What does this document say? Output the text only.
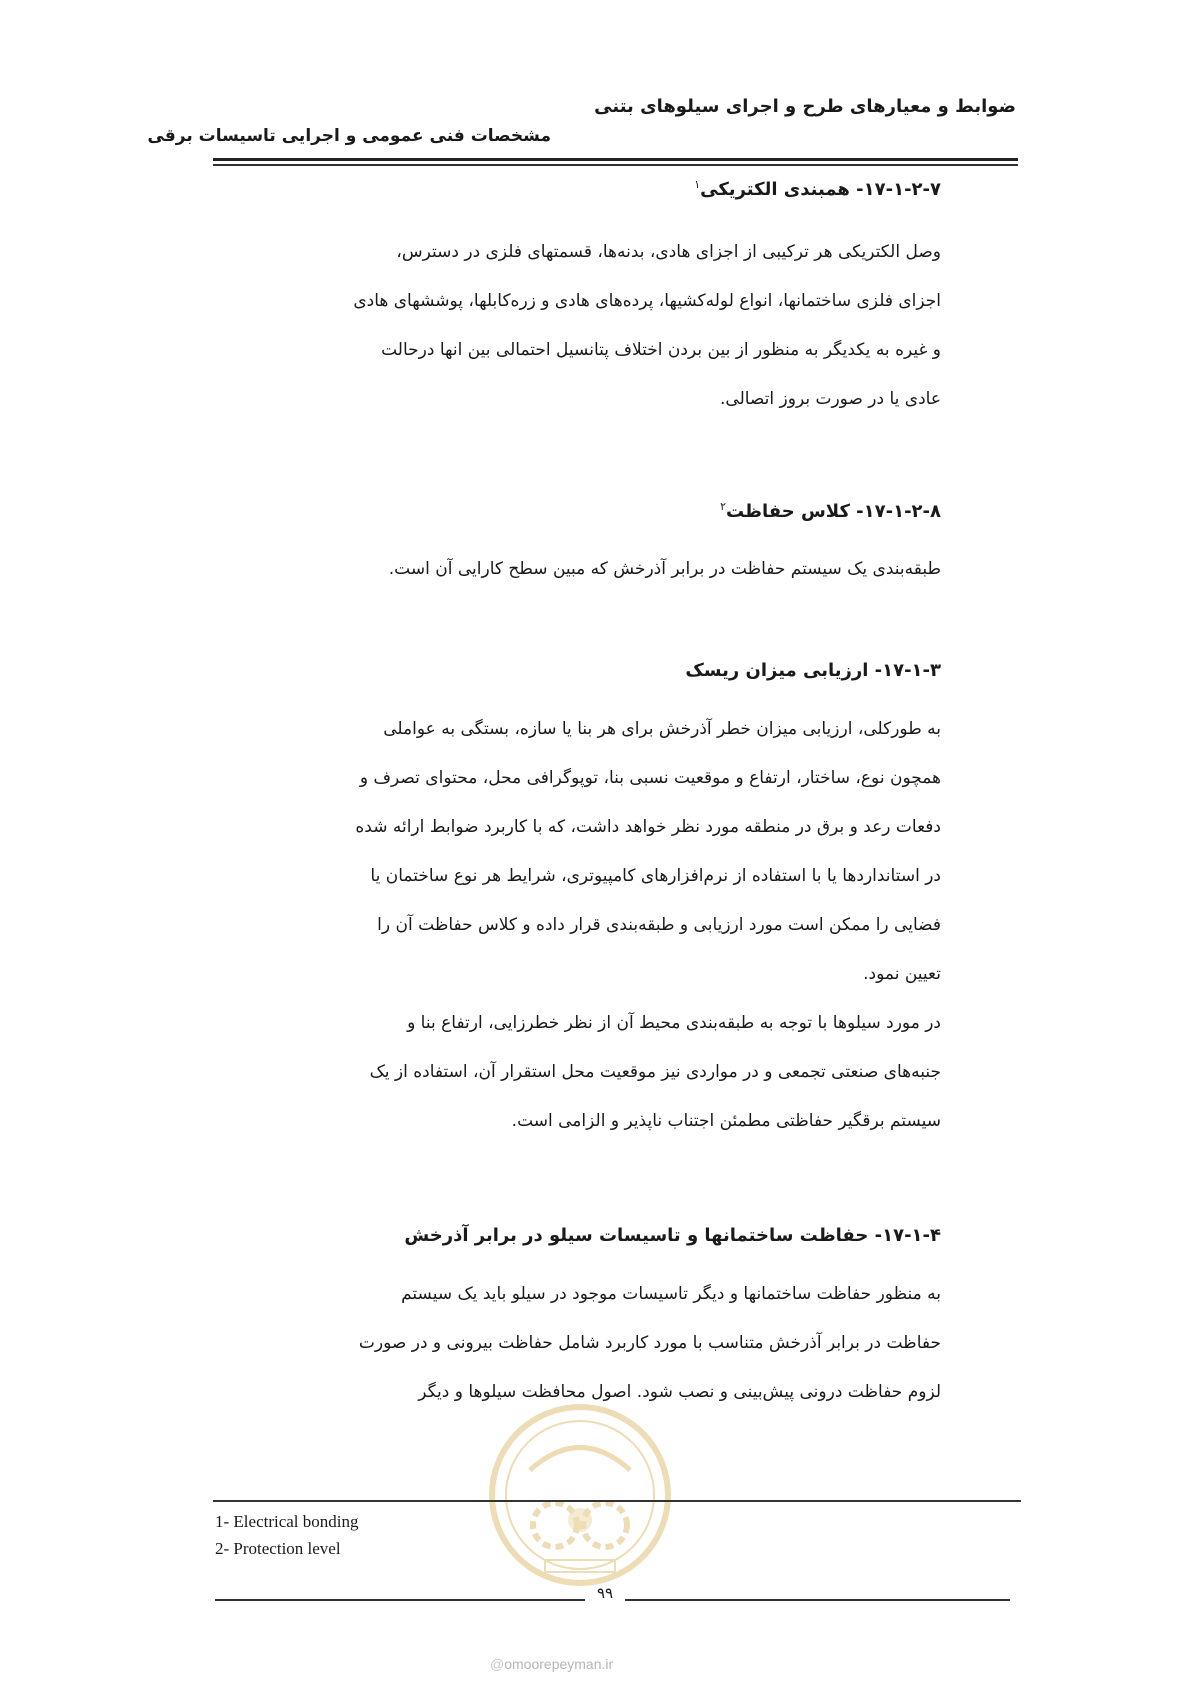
ضوابط و معیارهای طرح و اجرای سیلوهای بتنی
مشخصات فنی عمومی و اجرایی تاسیسات برقی
۱۷-۱-۲-۷- همبندی الکتریکی$^۱$
وصل الکتریکی هر ترکیبی از اجزای هادی، بدنه‌ها، قسمتهای فلزی در دسترس،
اجزای فلزی ساختمانها، انواع لوله‌کشیها، پرده‌های هادی و زره‌کابلها، پوششهای هادی
و غیره به یکدیگر به منظور از بین بردن اختلاف پتانسیل احتمالی بین انها درحالت
عادی یا در صورت بروز اتصالی.
۱۷-۱-۲-۸- کلاس حفاظت$^۲$
طبقه‌بندی یک سیستم حفاظت در برابر آذرخش که مبین سطح کارایی آن است.
۱۷-۱-۳- ارزیابی میزان ریسک
به طورکلی، ارزیابی میزان خطر آذرخش برای هر بنا یا سازه، بستگی به عواملی
همچون نوع، ساختار، ارتفاع و موقعیت نسبی بنا، توپوگرافی محل، محتوای تصرف و
دفعات رعد و برق در منطقه مورد نظر خواهد داشت، که با کاربرد ضوابط ارائه شده
در استانداردها یا با استفاده از نرم‌افزارهای کامپیوتری، شرایط هر نوع ساختمان یا
فضایی را ممکن است مورد ارزیابی و طبقه‌بندی قرار داده و کلاس حفاظت آن را
تعیین نمود.
در مورد سیلوها با توجه به طبقه‌بندی محیط آن از نظر خطرزایی، ارتفاع بنا و
جنبه‌های صنعتی تجمعی و در مواردی نیز موقعیت محل استقرار آن، استفاده از یک
سیستم برقگیر حفاظتی مطمئن اجتناب ناپذیر و الزامی است.
۱۷-۱-۴- حفاظت ساختمانها و تاسیسات سیلو در برابر آذرخش
به منظور حفاظت ساختمانها و دیگر تاسیسات موجود در سیلو باید یک سیستم
حفاظت در برابر آذرخش متناسب با مورد کاربرد شامل حفاظت بیرونی و در صورت
لزوم حفاظت درونی پیش‌بینی و نصب شود. اصول محافظت سیلوها و دیگر
1- Electrical bonding
2- Protection level
۹۹
@omoorepeyman.ir
